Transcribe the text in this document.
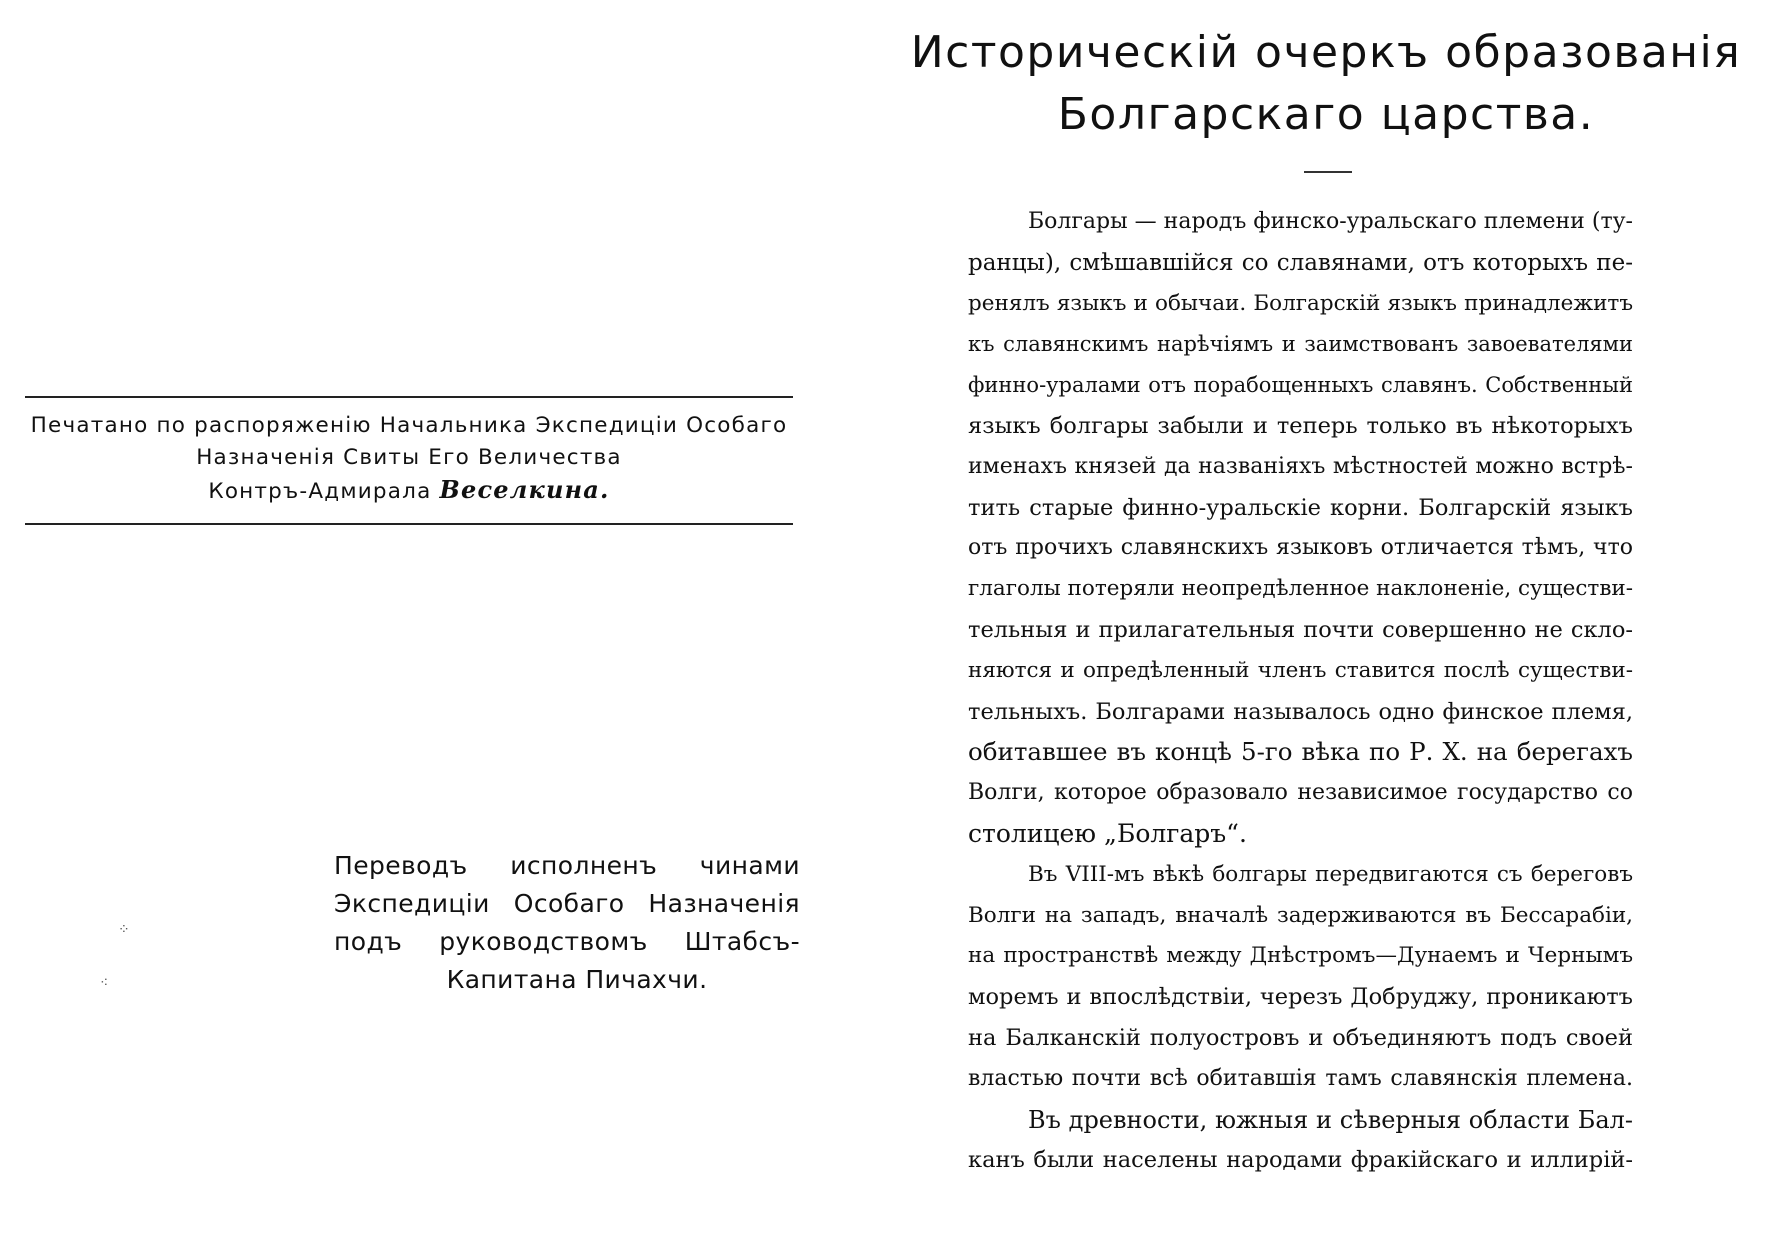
Печатано по распоряженію Начальника Экспедиціи Особаго
Назначенія Свиты Его Величества
Контръ-Адмирала Веселкина.
Переводъ исполненъ чинами
Экспедиціи Особаго Назначенія
подъ руководствомъ Штабсъ-
Капитана Пичахчи.
⁘
⁖
Историческій очеркъ образованія
Болгарскаго царства.
Болгары — народъ финско-уральскаго племени (ту-
ранцы), смѣшавшійся со славянами, отъ которыхъ пе-
ренялъ языкъ и обычаи. Болгарскій языкъ принадлежитъ
къ славянскимъ нарѣчіямъ и заимствованъ завоевателями
финно-уралами отъ порабощенныхъ славянъ. Собственный
языкъ болгары забыли и теперь только въ нѣкоторыхъ
именахъ князей да названіяхъ мѣстностей можно встрѣ-
тить старые финно-уральскіе корни. Болгарскій языкъ
отъ прочихъ славянскихъ языковъ отличается тѣмъ, что
глаголы потеряли неопредѣленное наклоненіе, существи-
тельныя и прилагательныя почти совершенно не скло-
няются и опредѣленный членъ ставится послѣ существи-
тельныхъ. Болгарами называлось одно финское племя,
обитавшее въ концѣ 5-го вѣка по Р. Х. на берегахъ
Волги, которое образовало независимое государство со
столицею „Болгаръ“.
Въ VIII-мъ вѣкѣ болгары передвигаются съ береговъ
Волги на западъ, вначалѣ задерживаются въ Бессарабіи,
на пространствѣ между Днѣстромъ—Дунаемъ и Чернымъ
моремъ и впослѣдствіи, черезъ Добруджу, проникаютъ
на Балканскій полуостровъ и объединяютъ подъ своей
властью почти всѣ обитавшія тамъ славянскія племена.
Въ древности, южныя и сѣверныя области Бал-
канъ были населены народами фракійскаго и иллирій-
